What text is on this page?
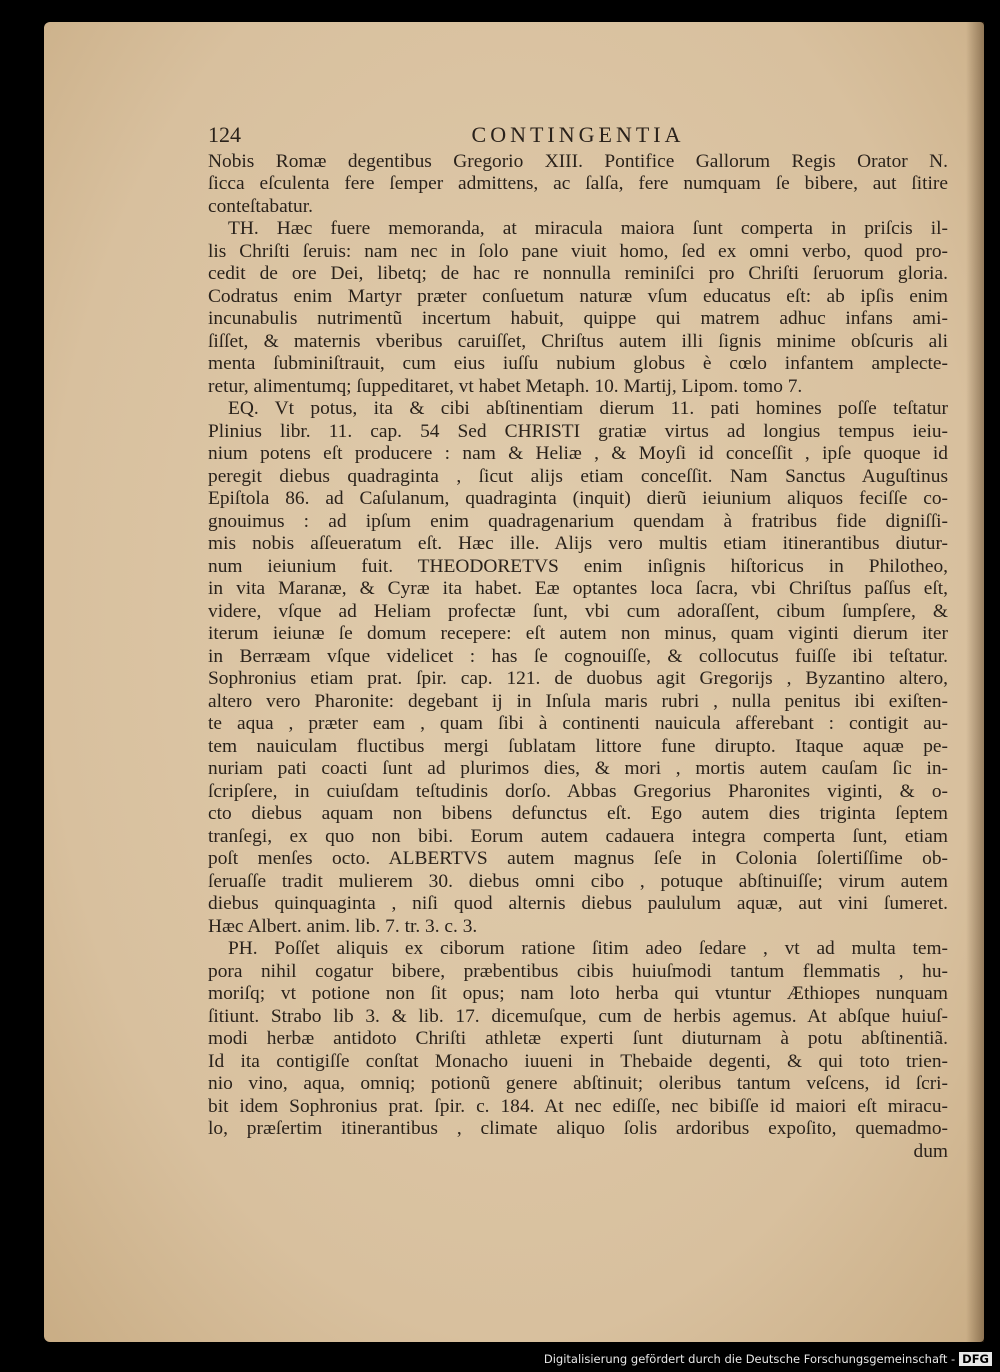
124	CONTINGENTIA
Nobis Romæ degentibus Gregorio XIII. Pontifice Gallorum Regis Orator N.
ſicca eſculenta fere ſemper admittens, ac ſalſa, fere numquam ſe bibere, aut ſitire
conteſtabatur.
TH. Hæc fuere memoranda, at miracula maiora ſunt comperta in priſcis il-
lis Chriſti ſeruis: nam nec in ſolo pane viuit homo, ſed ex omni verbo, quod pro-
cedit de ore Dei, libetq; de hac re nonnulla reminiſci pro Chriſti ſeruorum gloria.
Codratus enim Martyr præter conſuetum naturæ vſum educatus eſt: ab ipſis enim
incunabulis nutrimentũ incertum habuit, quippe qui matrem adhuc infans ami-
ſiſſet, & maternis vberibus caruiſſet, Chriſtus autem illi ſignis minime obſcuris ali
menta ſubminiſtrauit, cum eius iuſſu nubium globus è cœlo infantem amplecte-
retur, alimentumq; ſuppeditaret, vt habet Metaph. 10. Martij, Lipom. tomo 7.
EQ. Vt potus, ita & cibi abſtinentiam dierum 11. pati homines poſſe teſtatur
Plinius libr. 11. cap. 54 Sed CHRISTI gratiæ virtus ad longius tempus ieiu-
nium potens eſt producere : nam & Heliæ , & Moyſi id conceſſit , ipſe quoque id
peregit diebus quadraginta , ſicut alijs etiam conceſſit. Nam Sanctus Auguſtinus
Epiſtola 86. ad Caſulanum, quadraginta (inquit) dierũ ieiunium aliquos feciſſe co-
gnouimus : ad ipſum enim quadragenarium quendam à fratribus fide digniſſi-
mis nobis aſſeueratum eſt. Hæc ille. Alijs vero multis etiam itinerantibus diutur-
num ieiunium fuit. THEODORETVS enim inſignis hiſtoricus in Philotheo,
in vita Maranæ, & Cyræ ita habet. Eæ optantes loca ſacra, vbi Chriſtus paſſus eſt,
videre, vſque ad Heliam profectæ ſunt, vbi cum adoraſſent, cibum ſumpſere, &
iterum ieiunæ ſe domum recepere: eſt autem non minus, quam viginti dierum iter
in Berræam vſque videlicet : has ſe cognouiſſe, & collocutus fuiſſe ibi teſtatur.
Sophronius etiam prat. ſpir. cap. 121. de duobus agit Gregorijs , Byzantino altero,
altero vero Pharonite: degebant ij in Inſula maris rubri , nulla penitus ibi exiſten-
te aqua , præter eam , quam ſibi à continenti nauicula afferebant : contigit au-
tem nauiculam fluctibus mergi ſublatam littore fune dirupto. Itaque aquæ pe-
nuriam pati coacti ſunt ad plurimos dies, & mori , mortis autem cauſam ſic in-
ſcripſere, in cuiuſdam teſtudinis dorſo. Abbas Gregorius Pharonites viginti, & o-
cto diebus aquam non bibens defunctus eſt. Ego autem dies triginta ſeptem
tranſegi, ex quo non bibi. Eorum autem cadauera integra comperta ſunt, etiam
poſt menſes octo. ALBERTVS autem magnus ſeſe in Colonia ſolertiſſime ob-
ſeruaſſe tradit mulierem 30. diebus omni cibo , potuque abſtinuiſſe; virum autem
diebus quinquaginta , niſi quod alternis diebus paululum aquæ, aut vini ſumeret.
Hæc Albert. anim. lib. 7. tr. 3. c. 3.
PH. Poſſet aliquis ex ciborum ratione ſitim adeo ſedare , vt ad multa tem-
pora nihil cogatur bibere, præbentibus cibis huiuſmodi tantum flemmatis , hu-
moriſq; vt potione non ſit opus; nam loto herba qui vtuntur Æthiopes nunquam
ſitiunt. Strabo lib 3. & lib. 17. dicemuſque, cum de herbis agemus. At abſque huiuſ-
modi herbæ antidoto Chriſti athletæ experti ſunt diuturnam à potu abſtinentiã.
Id ita contigiſſe conſtat Monacho iuueni in Thebaide degenti, & qui toto trien-
nio vino, aqua, omniq; potionũ genere abſtinuit; oleribus tantum veſcens, id ſcri-
bit idem Sophronius prat. ſpir. c. 184. At nec ediſſe, nec bibiſſe id maiori eſt miracu-
lo, præſertim itinerantibus , climate aliquo ſolis ardoribus expoſito, quemadmo-
dum
Digitalisierung gefördert durch die Deutsche Forschungsgemeinschaft - DFG
